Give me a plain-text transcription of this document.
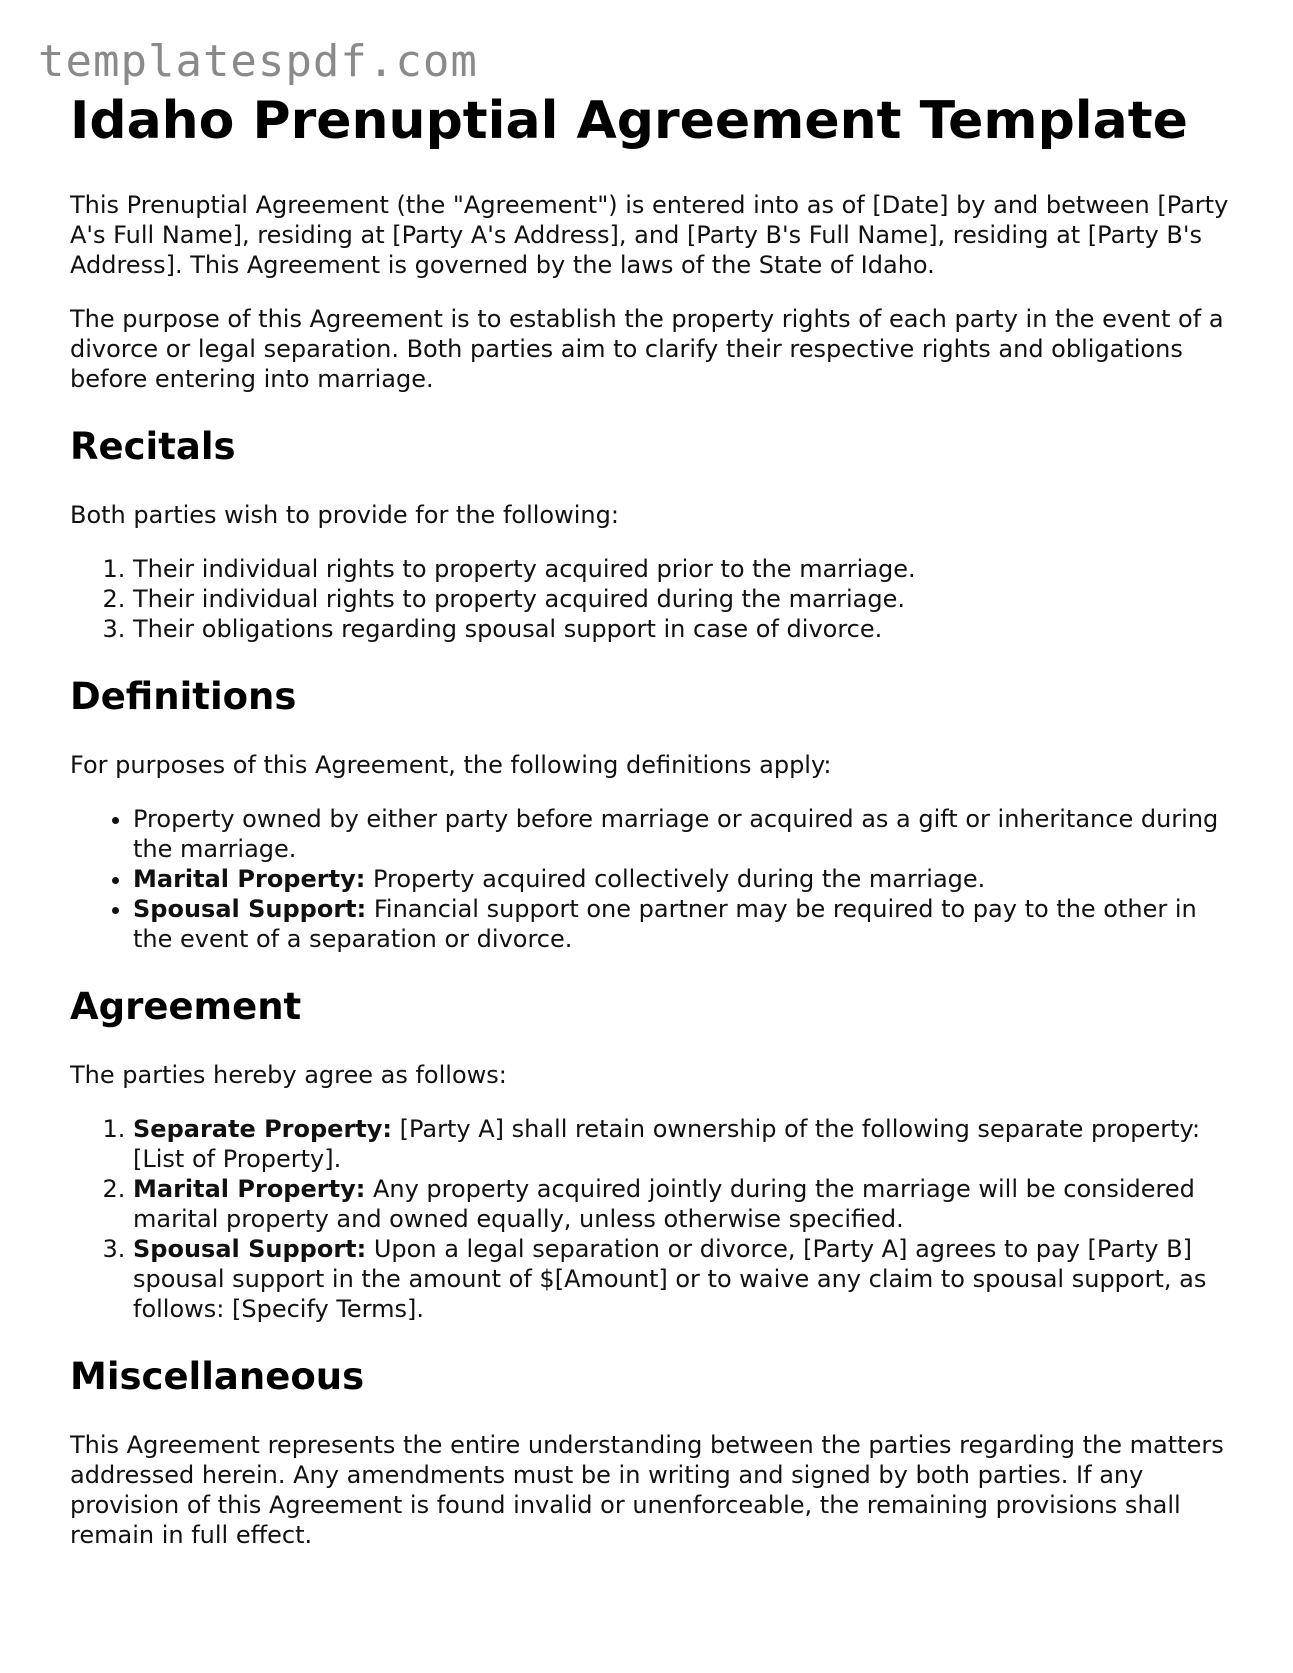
templatespdf.com
Idaho Prenuptial Agreement Template

This Prenuptial Agreement (the "Agreement") is entered into as of [Date] by and between [Party A's Full Name], residing at [Party A's Address], and [Party B's Full Name], residing at [Party B's Address]. This Agreement is governed by the laws of the State of Idaho.

The purpose of this Agreement is to establish the property rights of each party in the event of a divorce or legal separation. Both parties aim to clarify their respective rights and obligations before entering into marriage.

Recitals

Both parties wish to provide for the following:

1. Their individual rights to property acquired prior to the marriage.
2. Their individual rights to property acquired during the marriage.
3. Their obligations regarding spousal support in case of divorce.
Definitions

For purposes of this Agreement, the following definitions apply:

• Property owned by either party before marriage or acquired as a gift or inheritance during the marriage.
• Marital Property: Property acquired collectively during the marriage.
• Spousal Support: Financial support one partner may be required to pay to the other in the event of a separation or divorce.
Agreement

The parties hereby agree as follows:

1. Separate Property: [Party A] shall retain ownership of the following separate property: [List of Property].
2. Marital Property: Any property acquired jointly during the marriage will be considered marital property and owned equally, unless otherwise specified.
3. Spousal Support: Upon a legal separation or divorce, [Party A] agrees to pay [Party B] spousal support in the amount of $[Amount] or to waive any claim to spousal support, as follows: [Specify Terms].
Miscellaneous

This Agreement represents the entire understanding between the parties regarding the matters addressed herein. Any amendments must be in writing and signed by both parties. If any provision of this Agreement is found invalid or unenforceable, the remaining provisions shall remain in full effect.
